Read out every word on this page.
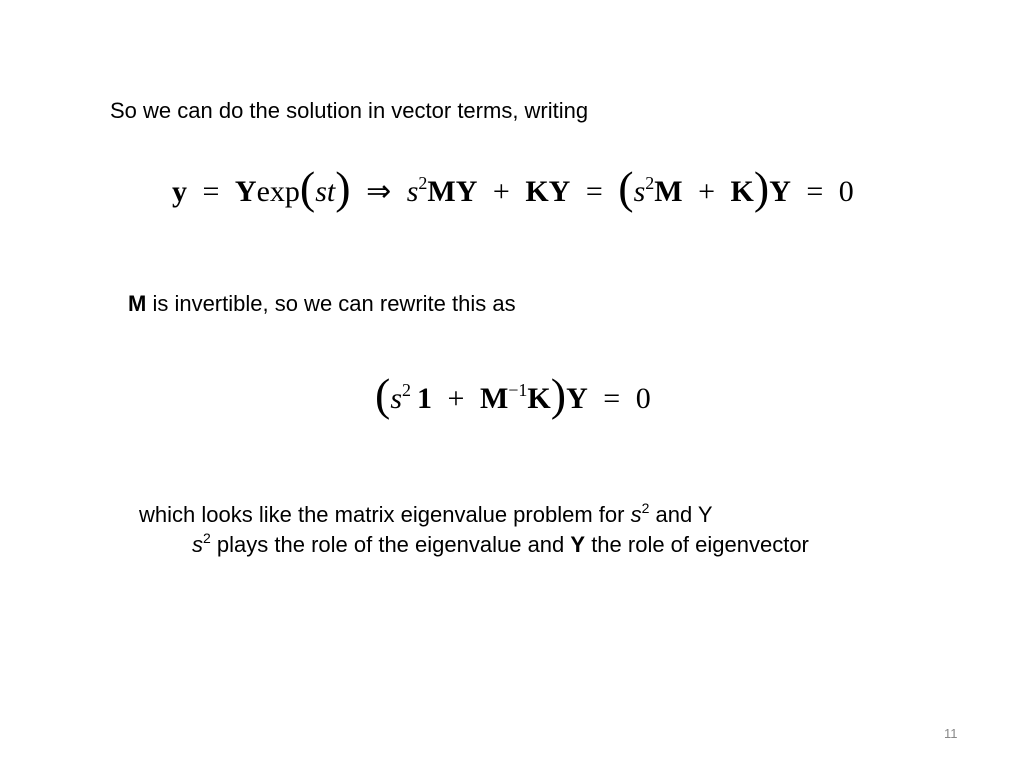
So we can do the solution in vector terms, writing
y = Yexp(st) ⇒ $s^2MY$ + KY = $(s^2M + K)Y = 0$
M is invertible, so we can rewrite this as
($s^2$ $1 + M^{-1}K)Y = 0$
which looks like the matrix eigenvalue problem for $s^2$ and Y
$s^2$ plays the role of the eigenvalue and Y the role of eigenvector
11
